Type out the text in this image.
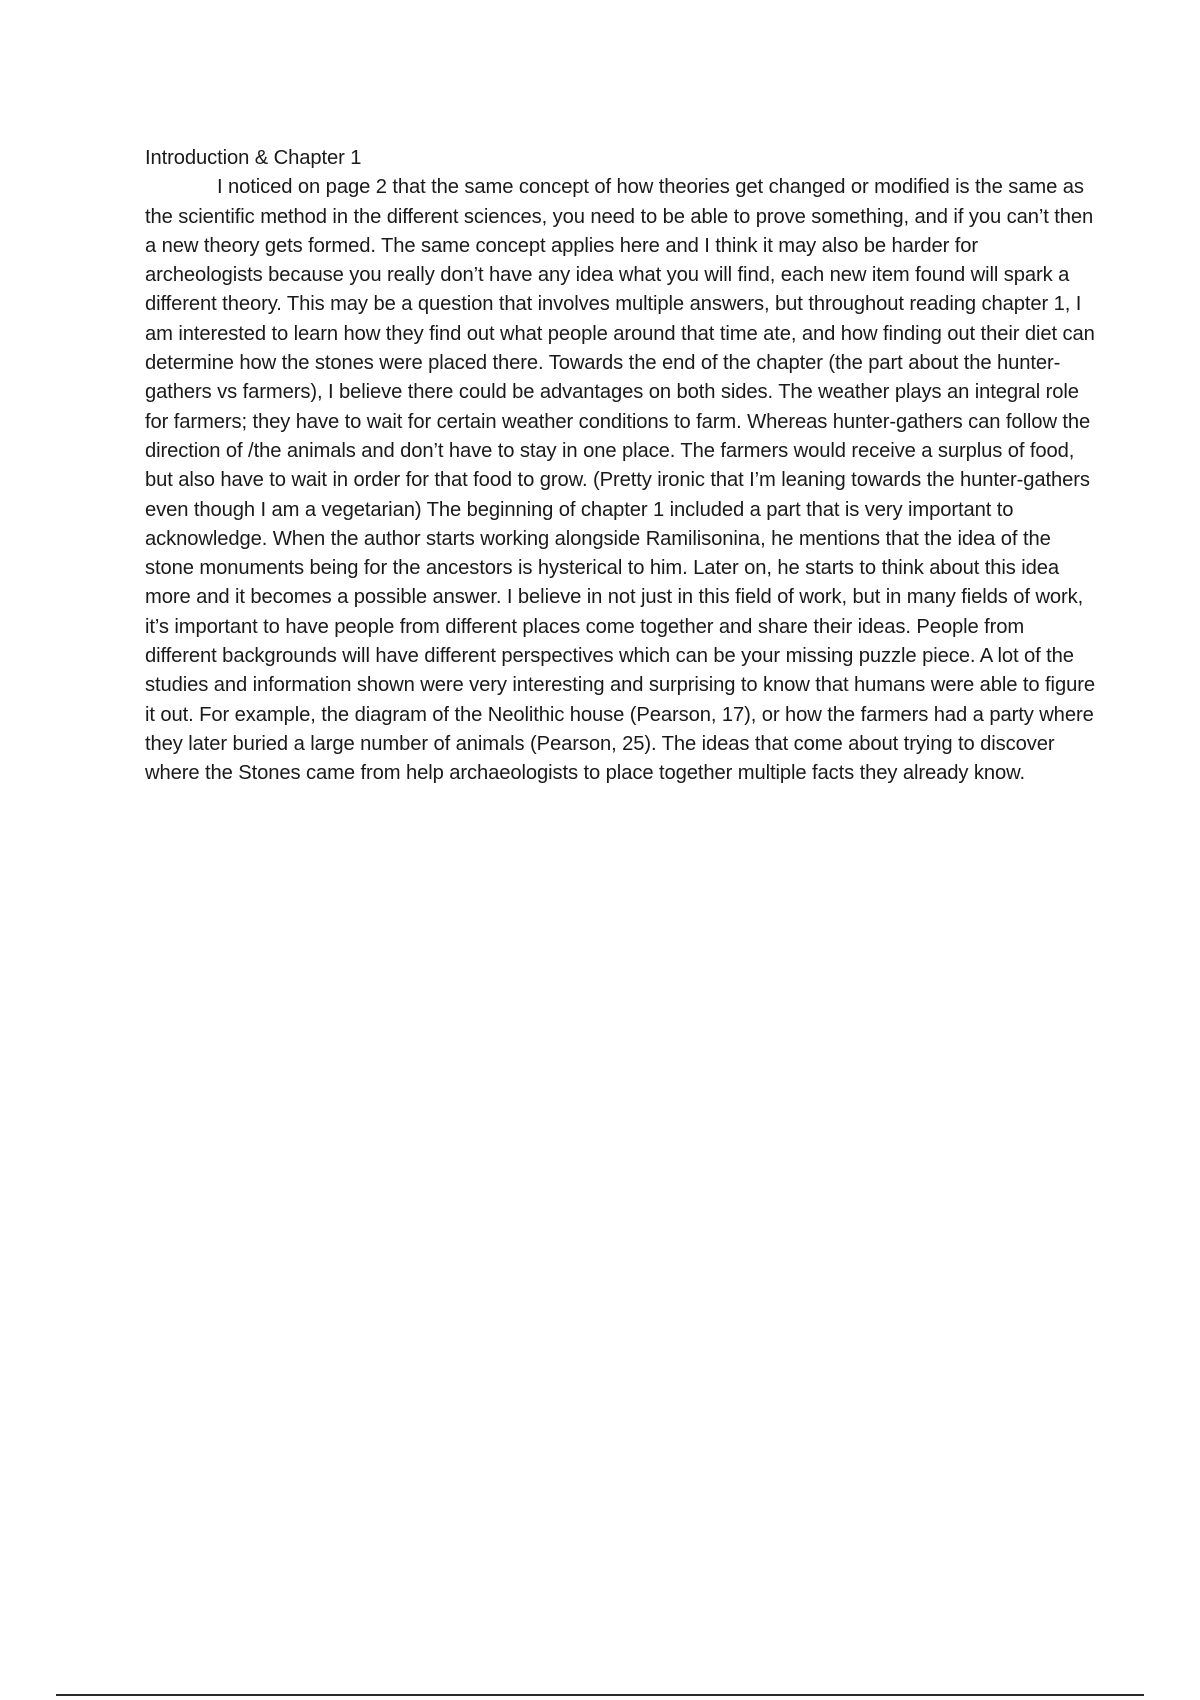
Introduction & Chapter 1

I noticed on page 2 that the same concept of how theories get changed or modified is the same as the scientific method in the different sciences, you need to be able to prove something, and if you can’t then a new theory gets formed. The same concept applies here and I think it may also be harder for archeologists because you really don’t have any idea what you will find, each new item found will spark a different theory. This may be a question that involves multiple answers, but throughout reading chapter 1, I am interested to learn how they find out what people around that time ate, and how finding out their diet can determine how the stones were placed there. Towards the end of the chapter (the part about the hunter-gathers vs farmers), I believe there could be advantages on both sides. The weather plays an integral role for farmers; they have to wait for certain weather conditions to farm. Whereas hunter-gathers can follow the direction of /the animals and don’t have to stay in one place. The farmers would receive a surplus of food, but also have to wait in order for that food to grow. (Pretty ironic that I’m leaning towards the hunter-gathers even though I am a vegetarian) The beginning of chapter 1 included a part that is very important to acknowledge. When the author starts working alongside Ramilisonina, he mentions that the idea of the stone monuments being for the ancestors is hysterical to him. Later on, he starts to think about this idea more and it becomes a possible answer. I believe in not just in this field of work, but in many fields of work, it’s important to have people from different places come together and share their ideas. People from different backgrounds will have different perspectives which can be your missing puzzle piece. A lot of the studies and information shown were very interesting and surprising to know that humans were able to figure it out. For example, the diagram of the Neolithic house (Pearson, 17), or how the farmers had a party where they later buried a large number of animals (Pearson, 25). The ideas that come about trying to discover where the Stones came from help archaeologists to place together multiple facts they already know.
